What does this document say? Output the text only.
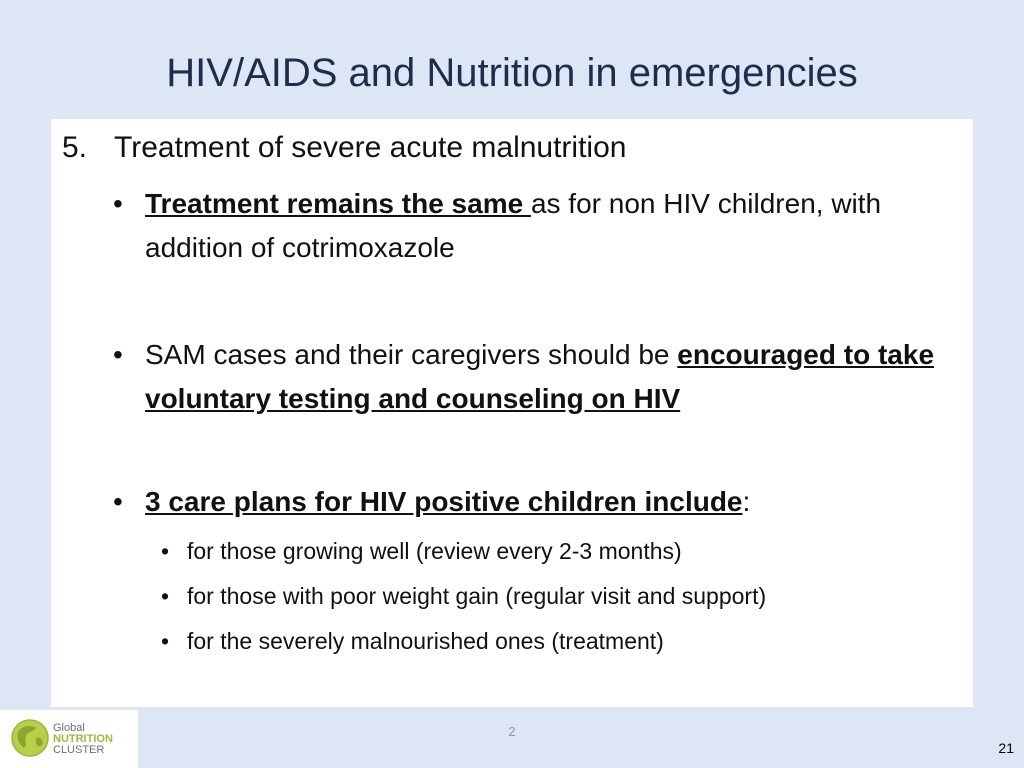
HIV/AIDS and Nutrition in emergencies
5. Treatment of severe acute malnutrition
• Treatment remains the same as for non HIV children, with addition of cotrimoxazole
• SAM cases and their caregivers should be encouraged to take voluntary testing and counseling on HIV
• 3 care plans for HIV positive children include:
• for those growing well (review every 2-3 months)
• for those with poor weight gain (regular visit and support)
• for the severely malnourished ones (treatment)
Global
NUTRITION
CLUSTER
2
21
